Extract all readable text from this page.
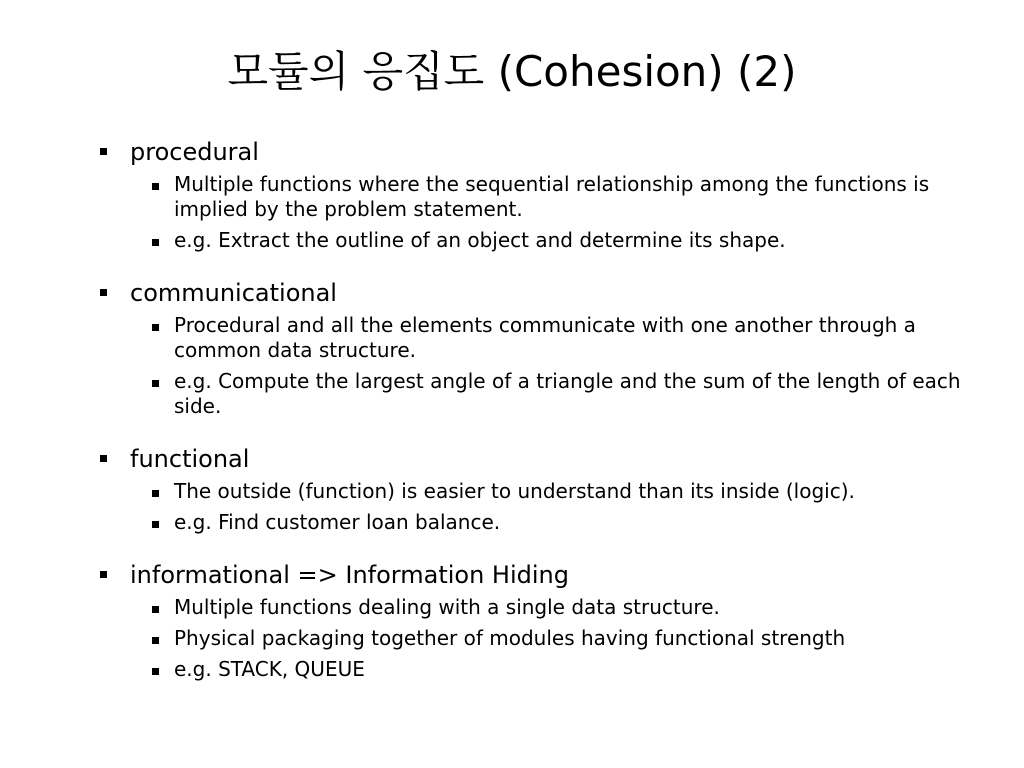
모듈의 응집도 (Cohesion) (2)
procedural
Multiple functions where the sequential relationship among the functions is implied by the problem statement.
e.g. Extract the outline of an object and determine its shape.
communicational
Procedural and all the elements communicate with one another through a common data structure.
e.g. Compute the largest angle of a triangle and the sum of the length of each side.
functional
The outside (function) is easier to understand than its inside (logic).
e.g. Find customer loan balance.
informational => Information Hiding
Multiple functions dealing with a single data structure.
Physical packaging together of modules having functional strength
e.g. STACK, QUEUE
